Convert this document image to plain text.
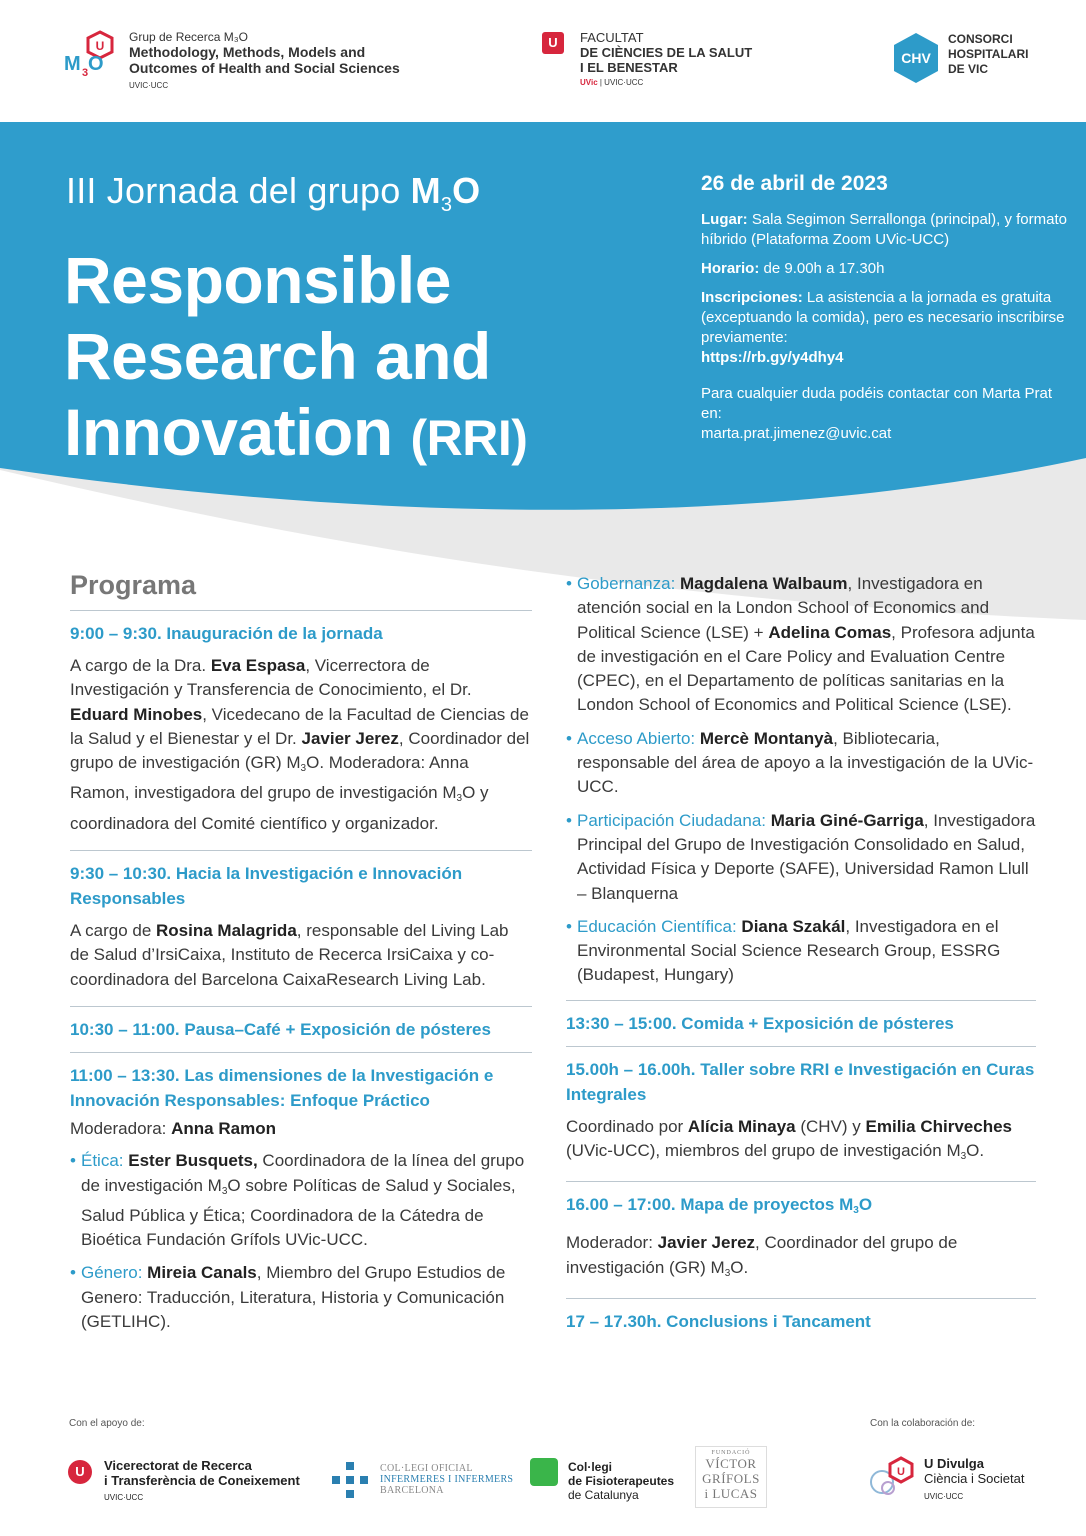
U
M 3 O
Grup de Recerca M₃O
Methodology, Methods, Models and
Outcomes of Health and Social Sciences
UVIC·UCC
U	FACULTAT
DE CIÈNCIES DE LA SALUT
I EL BENESTAR
UVic | UVIC·UCC
CHV
CONSORCI
HOSPITALARI
DE VIC
III Jornada del grupo $M_3O$
Responsible
Research and
Innovation (RRI)
26 de abril de 2023

Lugar: Sala Segimon Serrallonga (principal), y formato híbrido (Plataforma Zoom UVic-UCC)

Horario: de 9.00h a 17.30h

Inscripciones: La asistencia a la jornada es gratuita (exceptuando la comida), pero es necesario inscribirse previamente:
https://rb.gy/y4dhy4

Para cualquier duda podéis contactar con Marta Prat en:
marta.prat.jimenez@uvic.cat

Programa
9:00 – 9:30. Inauguración de la jornada
A cargo de la Dra. Eva Espasa, Vicerrectora de Investigación y Transferencia de Conocimiento, el Dr. Eduard Minobes, Vicedecano de la Facultad de Ciencias de la Salud y el Bienestar y el Dr. Javier Jerez, Coordinador del grupo de investigación (GR) $M_3O$. Moderadora: Anna Ramon, investigadora del grupo de investigación $M_3O$ y coordinadora del Comité científico y organizador.
9:30 – 10:30. Hacia la Investigación e Innovación Responsables
A cargo de Rosina Malagrida, responsable del Living Lab de Salud d’IrsiCaixa, Instituto de Recerca IrsiCaixa y co-coordinadora del Barcelona CaixaResearch Living Lab.
10:30 – 11:00. Pausa–Café + Exposición de pósteres
11:00 – 13:30. Las dimensiones de la Investigación e Innovación Responsables: Enfoque Práctico
Moderadora: Anna Ramon
• Ética: Ester Busquets, Coordinadora de la línea del grupo de investigación $M_3O$ sobre Políticas de Salud y Sociales, Salud Pública y Ética; Coordinadora de la Cátedra de Bioética Fundación Grífols UVic-UCC.
• Género: Mireia Canals, Miembro del Grupo Estudios de Genero: Traducción, Literatura, Historia y Comunicación (GETLIHC).
• Gobernanza: Magdalena Walbaum, Investigadora en atención social en la London School of Economics and Political Science (LSE) + Adelina Comas, Profesora adjunta de investigación en el Care Policy and Evaluation Centre (CPEC), en el Departamento de políticas sanitarias en la London School of Economics and Political Science (LSE).
• Acceso Abierto: Mercè Montanyà, Bibliotecaria, responsable del área de apoyo a la investigación de la UVic-UCC.
• Participación Ciudadana: Maria Giné-Garriga, Investigadora Principal del Grupo de Investigación Consolidado en Salud, Actividad Física y Deporte (SAFE), Universidad Ramon Llull – Blanquerna
• Educación Científica: Diana Szakál, Investigadora en el Environmental Social Science Research Group, ESSRG (Budapest, Hungary)
13:30 – 15:00. Comida + Exposición de pósteres
15.00h – 16.00h. Taller sobre RRI e Investigación en Curas Integrales
Coordinado por Alícia Minaya (CHV) y Emilia Chirveches (UVic-UCC), miembros del grupo de investigación $M_3O$.
16.00 – 17:00. Mapa de proyectos $M_3O$
Moderador: Javier Jerez, Coordinador del grupo de investigación (GR) $M_3O$.
17 – 17.30h. Conclusions i Tancament
Con el apoyo de:	Con la colaboración de:
U	Vicerectorat de Recerca
i Transferència de Coneixement
UVIC·UCC
COL·LEGI OFICIAL
INFERMERES I INFERMERS
BARCELONA
Col·legi
de Fisioterapeutes
de Catalunya
FUNDACIÓ
VÍCTOR
GRÍFOLS
i LUCAS
U
U Divulga
Ciència i Societat
UVIC·UCC
